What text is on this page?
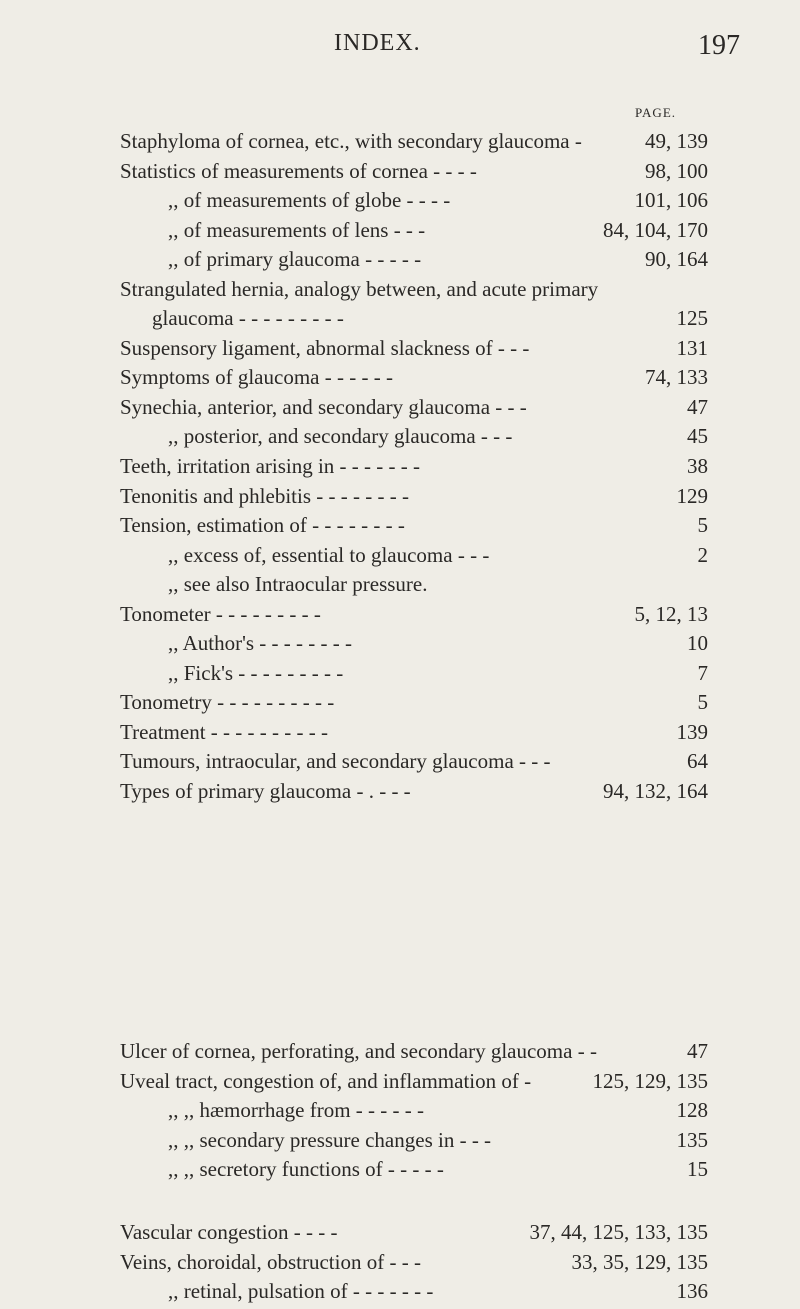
INDEX.	197
PAGE.
Staphyloma of cornea, etc., with secondary glaucoma -	49, 139
Statistics of measurements of cornea - - - -	98, 100
,, of measurements of globe - - - -	101, 106
,, of measurements of lens - - -	84, 104, 170
,, of primary glaucoma - - - - -	90, 164
Strangulated hernia, analogy between, and acute primary
glaucoma - - - - - - - - -	125
Suspensory ligament, abnormal slackness of - - -	131
Symptoms of glaucoma - - - - - -	74, 133
Synechia, anterior, and secondary glaucoma - - -	47
,, posterior, and secondary glaucoma - - -	45
Teeth, irritation arising in - - - - - - -	38
Tenonitis and phlebitis - - - - - - - -	129
Tension, estimation of - - - - - - - -	5
,, excess of, essential to glaucoma - - -	2
,, see also Intraocular pressure.
Tonometer - - - - - - - - -	5, 12, 13
,, Author's - - - - - - - -	10
,, Fick's - - - - - - - - -	7
Tonometry - - - - - - - - - -	5
Treatment - - - - - - - - - -	139
Tumours, intraocular, and secondary glaucoma - - -	64
Types of primary glaucoma - . - - -	94, 132, 164
Ulcer of cornea, perforating, and secondary glaucoma - -	47
Uveal tract, congestion of, and inflammation of -	125, 129, 135
,, ,, hæmorrhage from - - - - - -	128
,, ,, secondary pressure changes in - - -	135
,, ,, secretory functions of - - - - -	15
Vascular congestion - - - -	37, 44, 125, 133, 135
Veins, choroidal, obstruction of - - -	33, 35, 129, 135
,, retinal, pulsation of - - - - - - -	136
